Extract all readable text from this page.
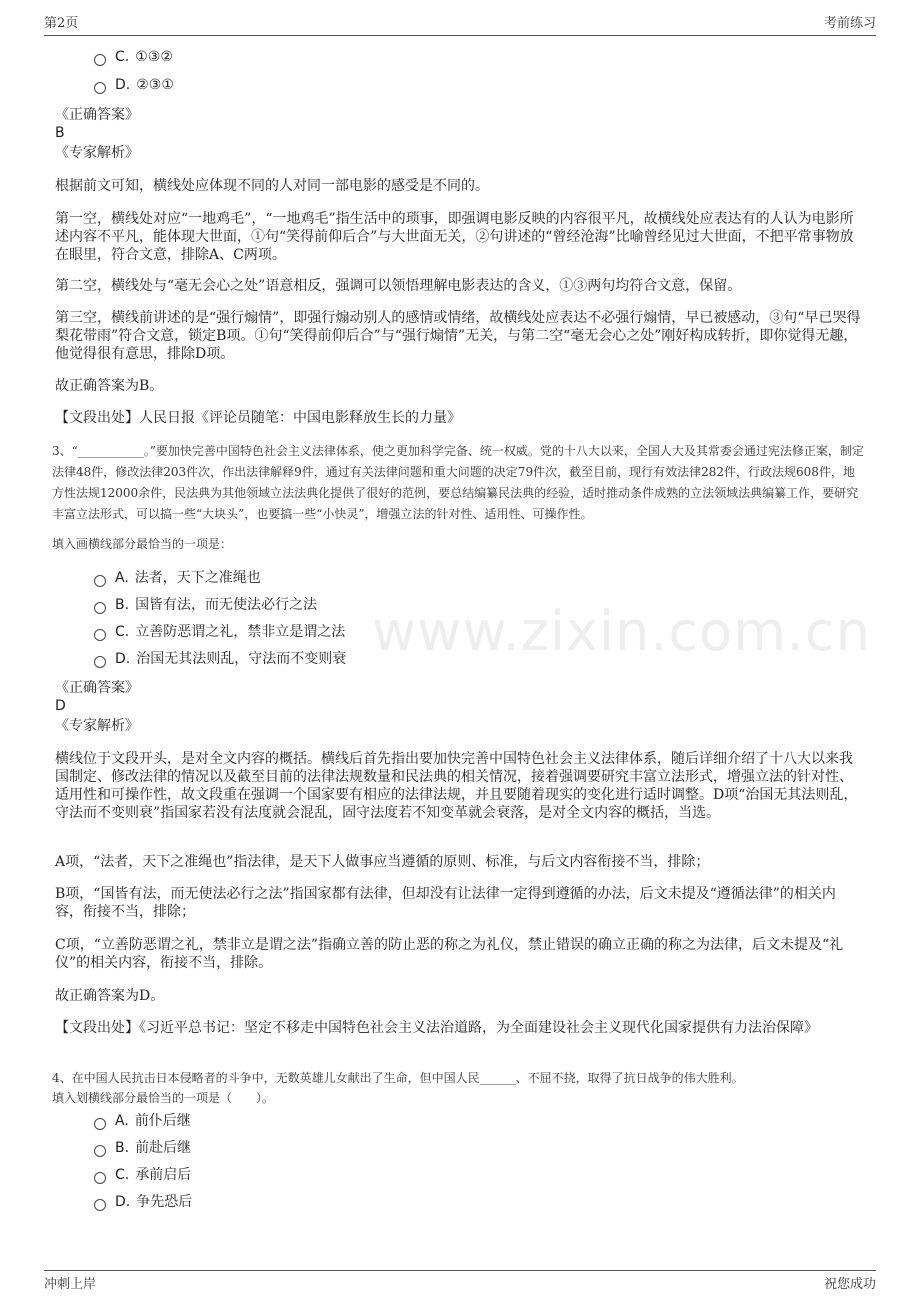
第2页	考前练习
www.zixin.com.cn
C. ①③②
D. ②③①
《正确答案》
B
《专家解析》
根据前文可知，横线处应体现不同的人对同一部电影的感受是不同的。
第一空，横线处对应“一地鸡毛”，“一地鸡毛”指生活中的琐事，即强调电影反映的内容很平凡，故横线处应表达有的人认为电影所述内容不平凡，能体现大世面，①句“笑得前仰后合”与大世面无关，②句讲述的“曾经沧海”比喻曾经见过大世面，不把平常事物放在眼里，符合文意，排除A、C两项。
第二空，横线处与“毫无会心之处”语意相反，强调可以领悟理解电影表达的含义，①③两句均符合文意，保留。
第三空，横线前讲述的是“强行煽情”，即强行煽动别人的感情或情绪，故横线处应表达不必强行煽情，早已被感动，③句“早已哭得梨花带雨”符合文意，锁定B项。①句“笑得前仰后合”与“强行煽情”无关，与第二空“毫无会心之处”刚好构成转折，即你觉得无趣，他觉得很有意思，排除D项。
故正确答案为B。
【文段出处】人民日报《评论员随笔：中国电影释放生长的力量》
3、“___________。”要加快完善中国特色社会主义法律体系，使之更加科学完备、统一权威。党的十八大以来，全国人大及其常委会通过宪法修正案，制定法律48件，修改法律203件次，作出法律解释9件，通过有关法律问题和重大问题的决定79件次，截至目前，现行有效法律282件，行政法规608件，地方性法规12000余件，民法典为其他领域立法法典化提供了很好的范例，要总结编纂民法典的经验，适时推动条件成熟的立法领域法典编纂工作，要研究丰富立法形式，可以搞一些“大块头”，也要搞一些“小快灵”，增强立法的针对性、适用性、可操作性。
填入画横线部分最恰当的一项是：
A. 法者，天下之准绳也
B. 国皆有法，而无使法必行之法
C. 立善防恶谓之礼，禁非立是谓之法
D. 治国无其法则乱，守法而不变则衰
《正确答案》
D
《专家解析》
横线位于文段开头，是对全文内容的概括。横线后首先指出要加快完善中国特色社会主义法律体系，随后详细介绍了十八大以来我国制定、修改法律的情况以及截至目前的法律法规数量和民法典的相关情况，接着强调要研究丰富立法形式，增强立法的针对性、适用性和可操作性，故文段重在强调一个国家要有相应的法律法规，并且要随着现实的变化进行适时调整。D项“治国无其法则乱，守法而不变则衰”指国家若没有法度就会混乱，固守法度若不知变革就会衰落，是对全文内容的概括，当选。
A项，“法者，天下之准绳也”指法律，是天下人做事应当遵循的原则、标准，与后文内容衔接不当，排除；
B项，“国皆有法，而无使法必行之法”指国家都有法律，但却没有让法律一定得到遵循的办法，后文未提及“遵循法律”的相关内容，衔接不当，排除；
C项，“立善防恶谓之礼，禁非立是谓之法”指确立善的防止恶的称之为礼仪，禁止错误的确立正确的称之为法律，后文未提及“礼仪”的相关内容，衔接不当，排除。
故正确答案为D。
【文段出处】《习近平总书记：坚定不移走中国特色社会主义法治道路，为全面建设社会主义现代化国家提供有力法治保障》
4、在中国人民抗击日本侵略者的斗争中，无数英雄儿女献出了生命，但中国人民______、不屈不挠，取得了抗日战争的伟大胜利。
填入划横线部分最恰当的一项是（　　）。
A. 前仆后继
B. 前赴后继
C. 承前启后
D. 争先恐后
冲刺上岸	祝您成功
